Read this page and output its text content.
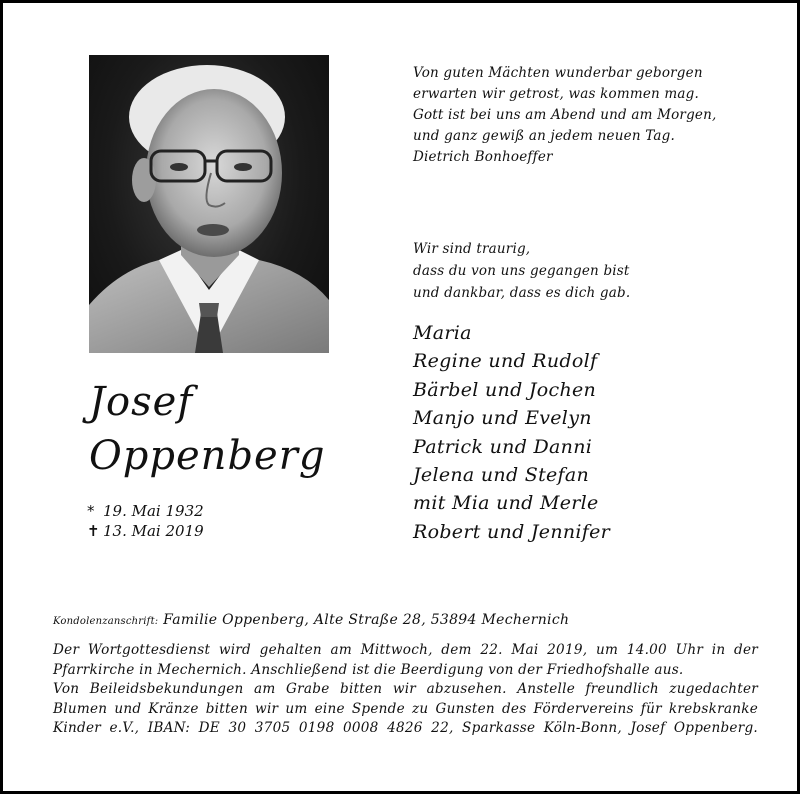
Von guten Mächten wunderbar geborgen
erwarten wir getrost, was kommen mag.
Gott ist bei uns am Abend und am Morgen,
und ganz gewiß an jedem neuen Tag.
Dietrich Bonhoeffer
Wir sind traurig,
dass du von uns gegangen bist
und dankbar, dass es dich gab.
Maria
Regine und Rudolf
Bärbel und Jochen
Manjo und Evelyn
Patrick und Danni
Jelena und Stefan
mit Mia und Merle
Robert und Jennifer
Josef
Oppenberg
* 19. Mai 1932
✝ 13. Mai 2019
Kondolenzanschrift: Familie Oppenberg, Alte Straße 28, 53894 Mechernich
Der Wortgottesdienst wird gehalten am Mittwoch, dem 22. Mai 2019, um 14.00 Uhr in der
Pfarrkirche in Mechernich. Anschließend ist die Beerdigung von der Friedhofshalle aus.
Von Beileidsbekundungen am Grabe bitten wir abzusehen. Anstelle freundlich zugedachter
Blumen und Kränze bitten wir um eine Spende zu Gunsten des Fördervereins für krebskranke
Kinder e.V., IBAN: DE 30 3705 0198 0008 4826 22, Sparkasse Köln-Bonn, Josef Oppenberg.
